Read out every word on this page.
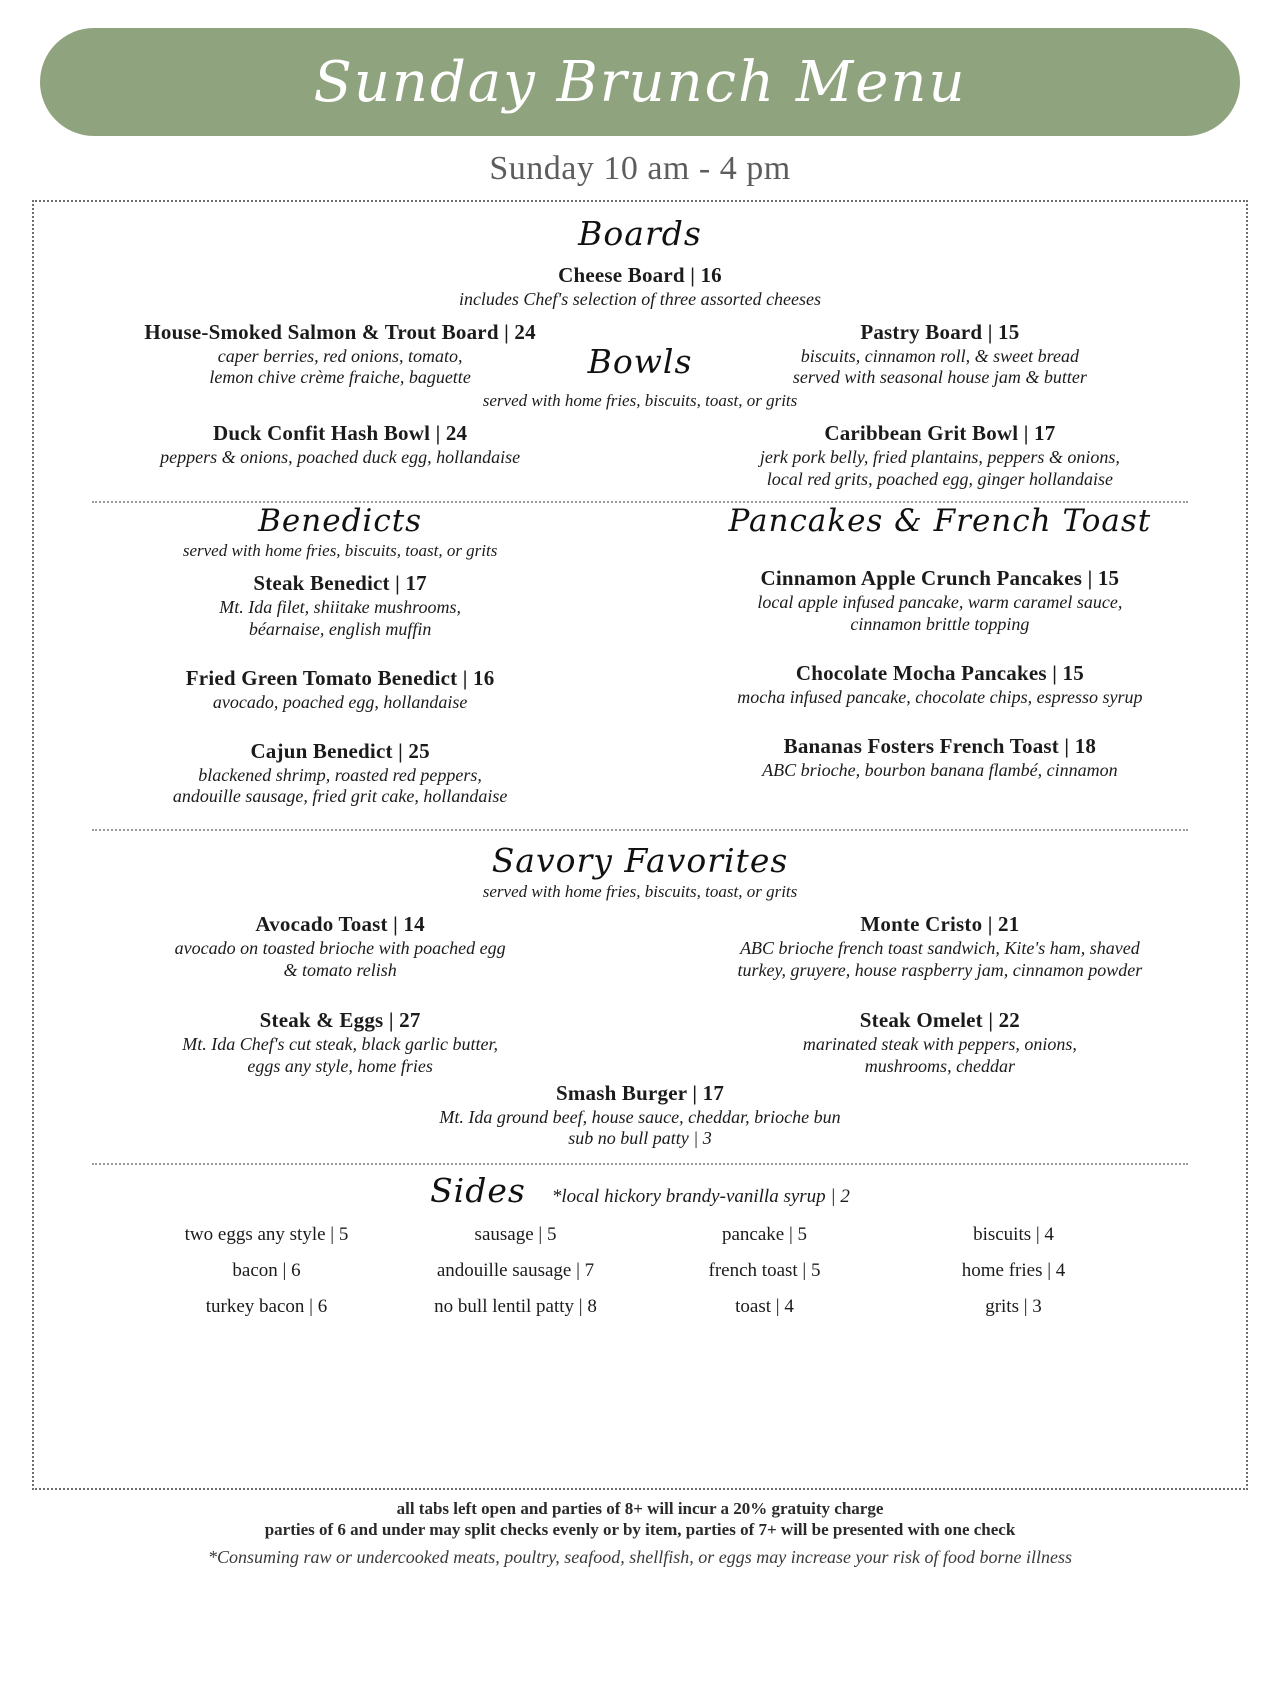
Sunday Brunch Menu
Sunday 10 am - 4 pm
Boards
Cheese Board | 16
includes Chef's selection of three assorted cheeses
House-Smoked Salmon & Trout Board | 24
caper berries, red onions, tomato,
lemon chive crème fraiche, baguette
Pastry Board | 15
biscuits, cinnamon roll, & sweet bread
served with seasonal house jam & butter
Bowls
served with home fries, biscuits, toast, or grits
Duck Confit Hash Bowl | 24
peppers & onions, poached duck egg, hollandaise
Caribbean Grit Bowl | 17
jerk pork belly, fried plantains, peppers & onions,
local red grits, poached egg, ginger hollandaise
Benedicts
served with home fries, biscuits, toast, or grits
Steak Benedict | 17
Mt. Ida filet, shiitake mushrooms,
béarnaise, english muffin
Fried Green Tomato Benedict | 16
avocado, poached egg, hollandaise
Cajun Benedict | 25
blackened shrimp, roasted red peppers,
andouille sausage, fried grit cake, hollandaise
Pancakes & French Toast
Cinnamon Apple Crunch Pancakes | 15
local apple infused pancake, warm caramel sauce,
cinnamon brittle topping
Chocolate Mocha Pancakes | 15
mocha infused pancake, chocolate chips, espresso syrup
Bananas Fosters French Toast | 18
ABC brioche, bourbon banana flambé, cinnamon
Savory Favorites
served with home fries, biscuits, toast, or grits
Avocado Toast | 14
avocado on toasted brioche with poached egg
& tomato relish
Monte Cristo | 21
ABC brioche french toast sandwich, Kite's ham, shaved
turkey, gruyere, house raspberry jam, cinnamon powder
Steak & Eggs | 27
Mt. Ida Chef's cut steak, black garlic butter,
eggs any style, home fries
Steak Omelet | 22
marinated steak with peppers, onions,
mushrooms, cheddar
Smash Burger | 17
Mt. Ida ground beef, house sauce, cheddar, brioche bun
sub no bull patty | 3
Sides *local hickory brandy-vanilla syrup | 2
two eggs any style | 5	sausage | 5	pancake | 5	biscuits | 4
bacon | 6	andouille sausage | 7	french toast | 5	home fries | 4
turkey bacon | 6	no bull lentil patty | 8	toast | 4	grits | 3
all tabs left open and parties of 8+ will incur a 20% gratuity charge
parties of 6 and under may split checks evenly or by item, parties of 7+ will be presented with one check
*Consuming raw or undercooked meats, poultry, seafood, shellfish, or eggs may increase your risk of food borne illness
